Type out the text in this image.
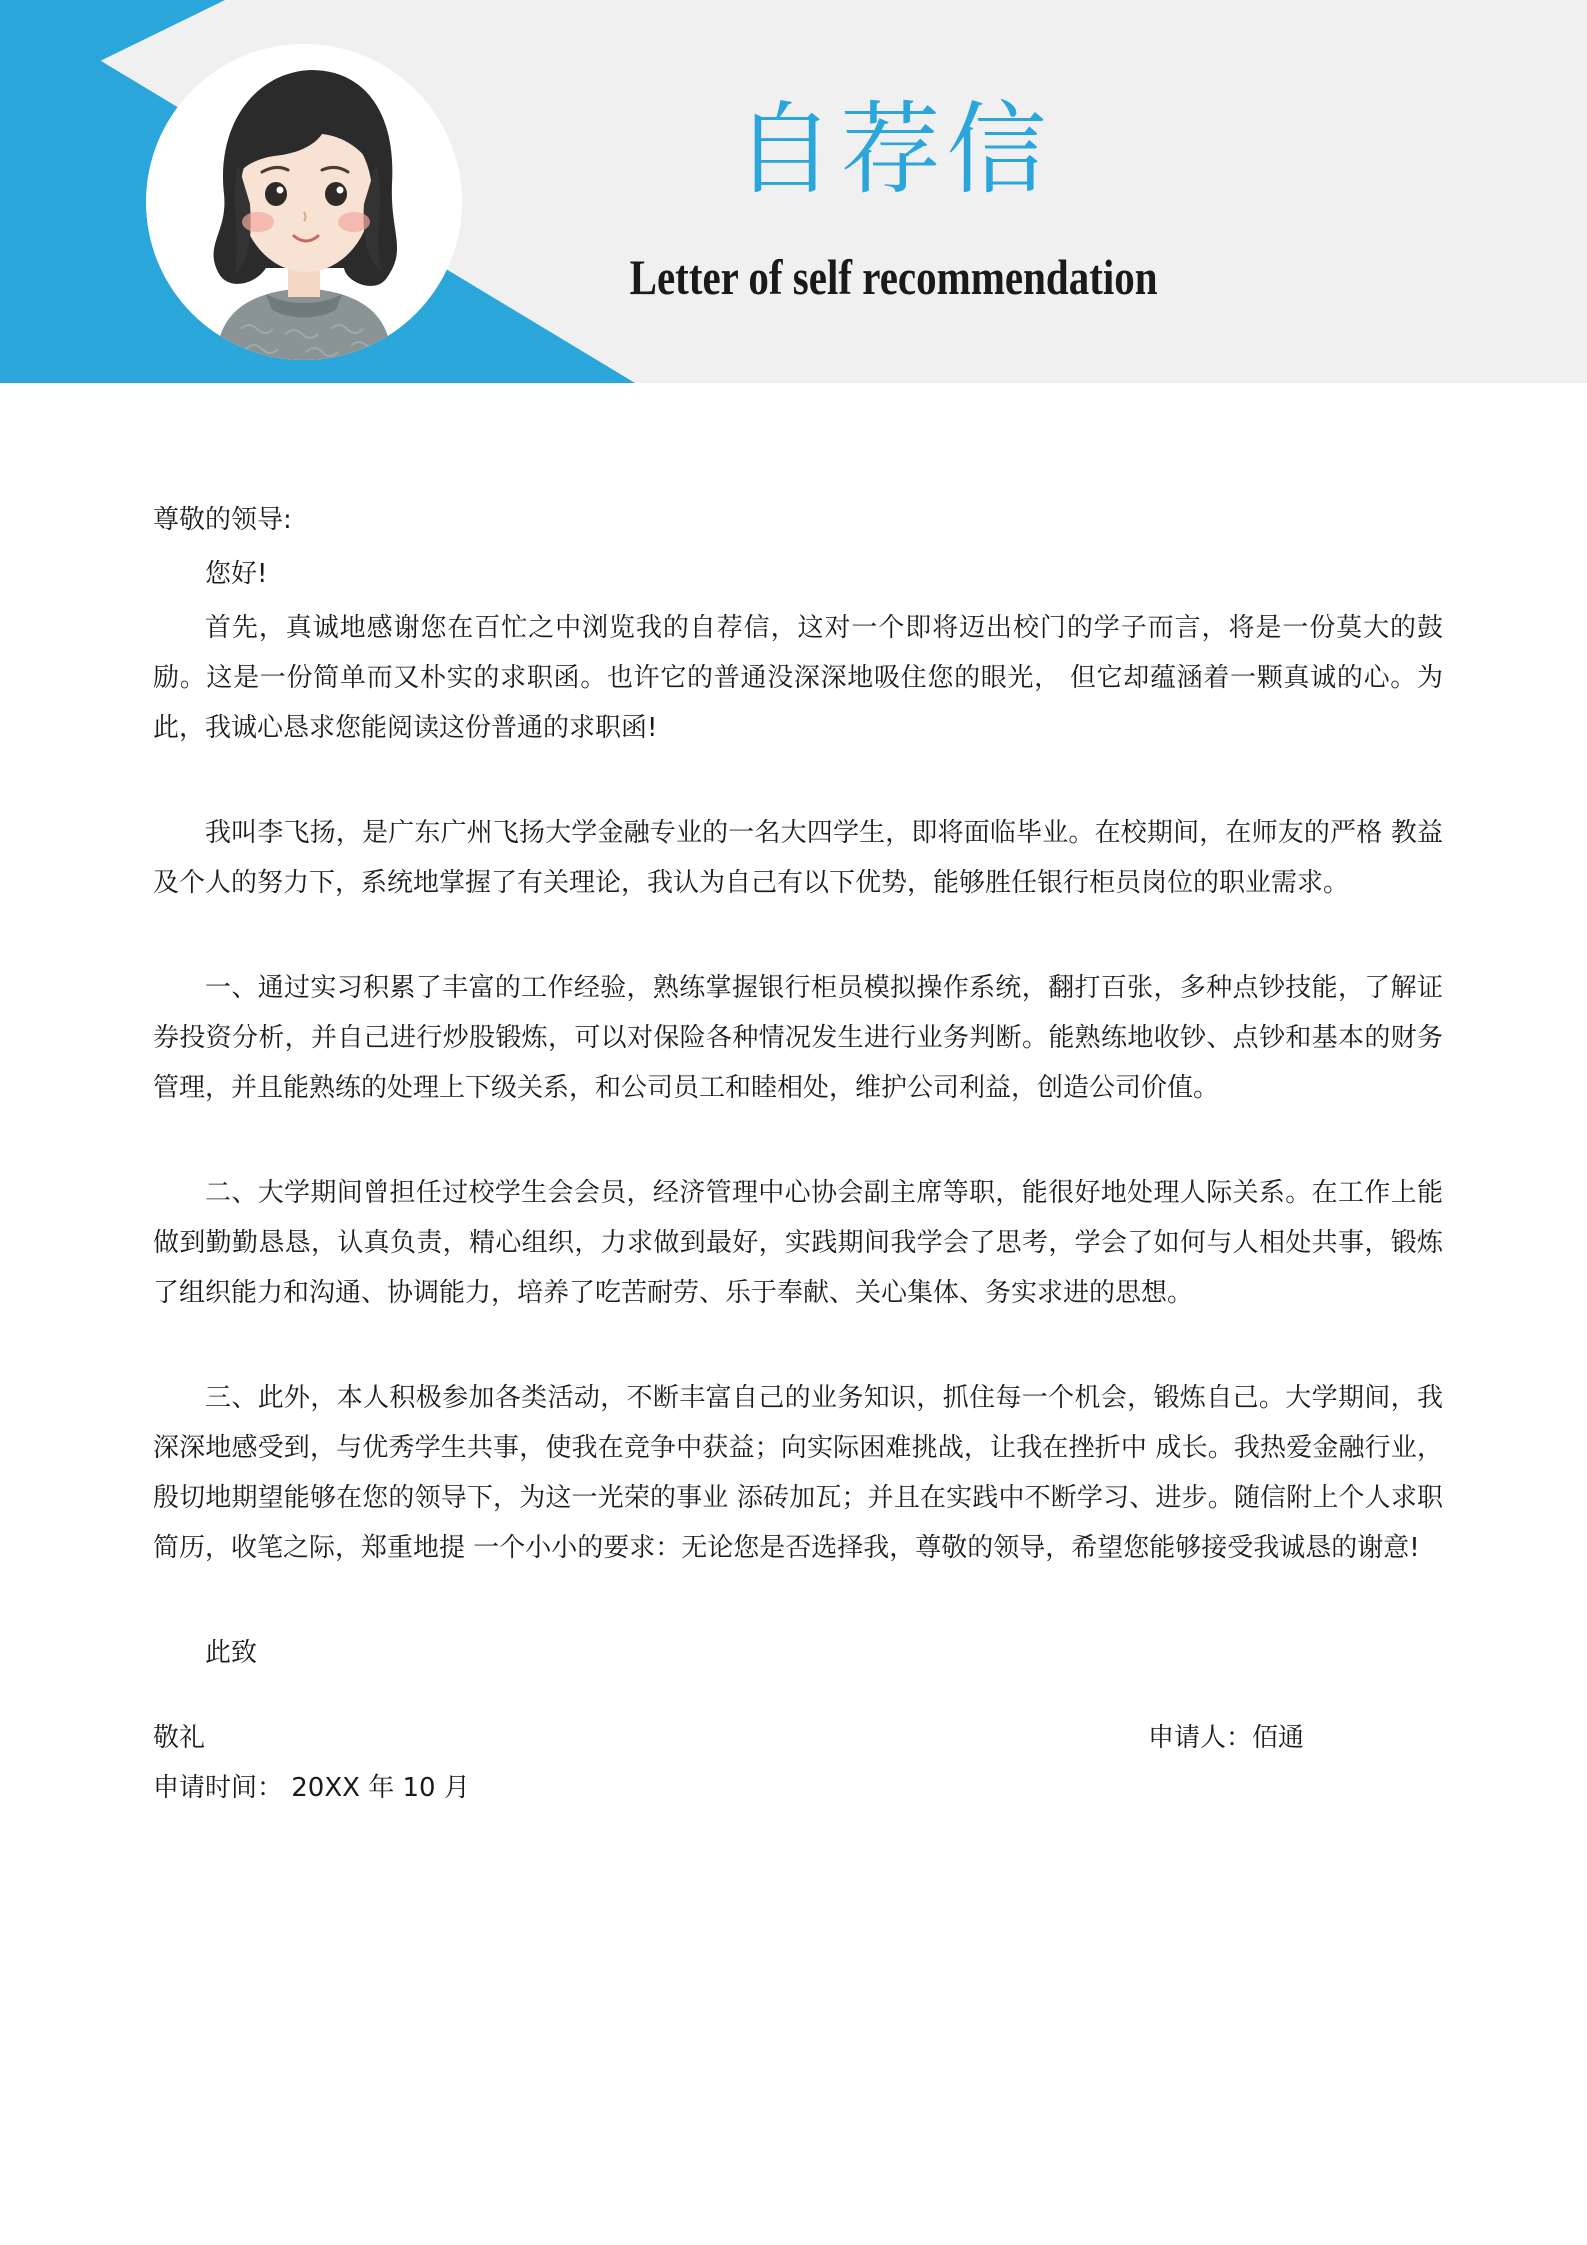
自荐信
Letter of self recommendation

尊敬的领导:

您好!

首先，真诚地感谢您在百忙之中浏览我的自荐信，这对一个即将迈出校门的学子而言，将是一份莫大的鼓励。这是一份简单而又朴实的求职函。也许它的普通没深深地吸住您的眼光， 但它却蕴涵着一颗真诚的心。为此，我诚心恳求您能阅读这份普通的求职函!

我叫李飞扬，是广东广州飞扬大学金融专业的一名大四学生，即将面临毕业。在校期间，在师友的严格 教益及个人的努力下，系统地掌握了有关理论，我认为自己有以下优势，能够胜任银行柜员岗位的职业需求。

一、通过实习积累了丰富的工作经验，熟练掌握银行柜员模拟操作系统，翻打百张，多种点钞技能，了解证券投资分析，并自己进行炒股锻炼，可以对保险各种情况发生进行业务判断。能熟练地收钞、点钞和基本的财务管理，并且能熟练的处理上下级关系，和公司员工和睦相处，维护公司利益，创造公司价值。

二、大学期间曾担任过校学生会会员，经济管理中心协会副主席等职，能很好地处理人际关系。在工作上能做到勤勤恳恳，认真负责，精心组织，力求做到最好，实践期间我学会了思考，学会了如何与人相处共事，锻炼了组织能力和沟通、协调能力，培养了吃苦耐劳、乐于奉献、关心集体、务实求进的思想。

三、此外，本人积极参加各类活动，不断丰富自己的业务知识，抓住每一个机会，锻炼自己。大学期间，我深深地感受到，与优秀学生共事，使我在竞争中获益；向实际困难挑战，让我在挫折中 成长。我热爱金融行业，殷切地期望能够在您的领导下，为这一光荣的事业 添砖加瓦；并且在实践中不断学习、进步。随信附上个人求职简历，收笔之际，郑重地提 一个小小的要求：无论您是否选择我，尊敬的领导，希望您能够接受我诚恳的谢意!

此致

敬礼	申请人：佰通

申请时间： 20XX 年 10 月
